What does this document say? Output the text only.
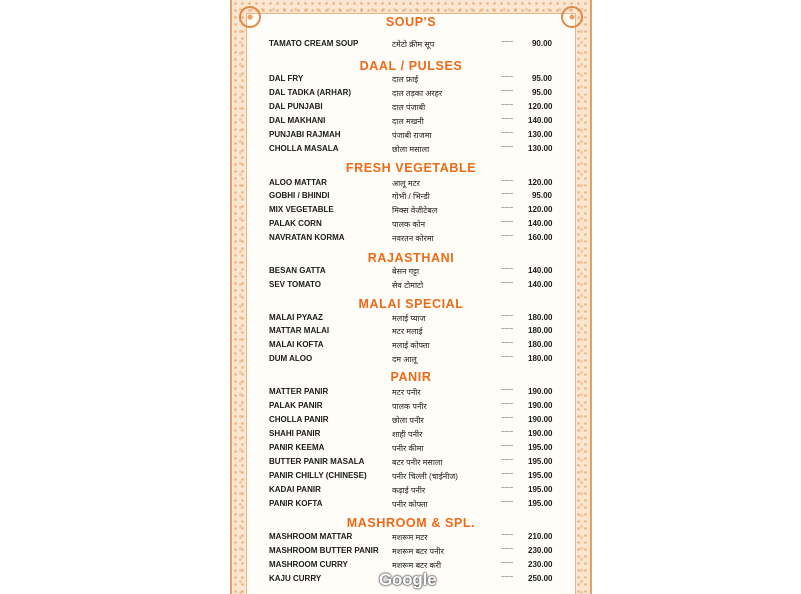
SOUP'S
TAMATO CREAM SOUP	टमेटो क्रीम सूप	~~~	90.00
DAAL / PULSES
DAL FRY	दाल फ्राई	~~~	95.00
DAL TADKA (ARHAR)	दाल तड़का अरहर	~~~	95.00
DAL PUNJABI	दाल पंजाबी	~~~ 120.00
DAL MAKHANI	दाल मखनी	~~~ 140.00
PUNJABI RAJMAH	पंजाबी राजमा	~~~ 130.00
CHOLLA MASALA	छोला मसाला	~~~ 130.00
FRESH VEGETABLE
ALOO MATTAR	आलू मटर	~~~ 120.00
GOBHI / BHINDI	गोभी / भिन्डी	~~~	95.00
MIX VEGETABLE	मिक्स वेजीटेबल	~~~ 120.00
PALAK CORN	पालक कोन	~~~ 140.00
NAVRATAN KORMA	नवरतन कोरमा	~~~ 160.00
RAJASTHANI
BESAN GATTA	बेसन गट्टा	~~~ 140.00
SEV TOMATO	सेव टोमाटो	~~~ 140.00
MALAI SPECIAL
MALAI PYAAZ	मलाई प्याज	~~~ 180.00
MATTAR MALAI	मटर मलाई	~~~ 180.00
MALAI KOFTA	मलाई कोफ्ता	~~~ 180.00
DUM ALOO	दम आलू	~~~ 180.00
PANIR
MATTER PANIR	मटर पनीर	~~~ 190.00
PALAK PANIR	पालक पनीर	~~~ 190.00
CHOLLA PANIR	छोला पनीर	~~~ 190.00
SHAHI PANIR	शाही पनीर	~~~ 190.00
PANIR KEEMA	पनीर कीमा	~~~ 195.00
BUTTER PANIR MASALA	बटर पनीर मसाला	~~~ 195.00
PANIR CHILLY (CHINESE)	पनीर चिल्ली (चाईनीज)	~~~ 195.00
KADAI PANIR	कढ़ाई पनीर	~~~ 195.00
PANIR KOFTA	पनीर कोफ्ता	~~~ 195.00
MASHROOM & SPL.
MASHROOM MATTAR	मशरूम मटर	~~~ 210.00
MASHROOM BUTTER PANIR मशरूम बटर पनीर	~~~ 230.00
MASHROOM CURRY	मशरूम बटर करी	~~~ 230.00
KAJU CURRY	~~~ 250.00
Google
